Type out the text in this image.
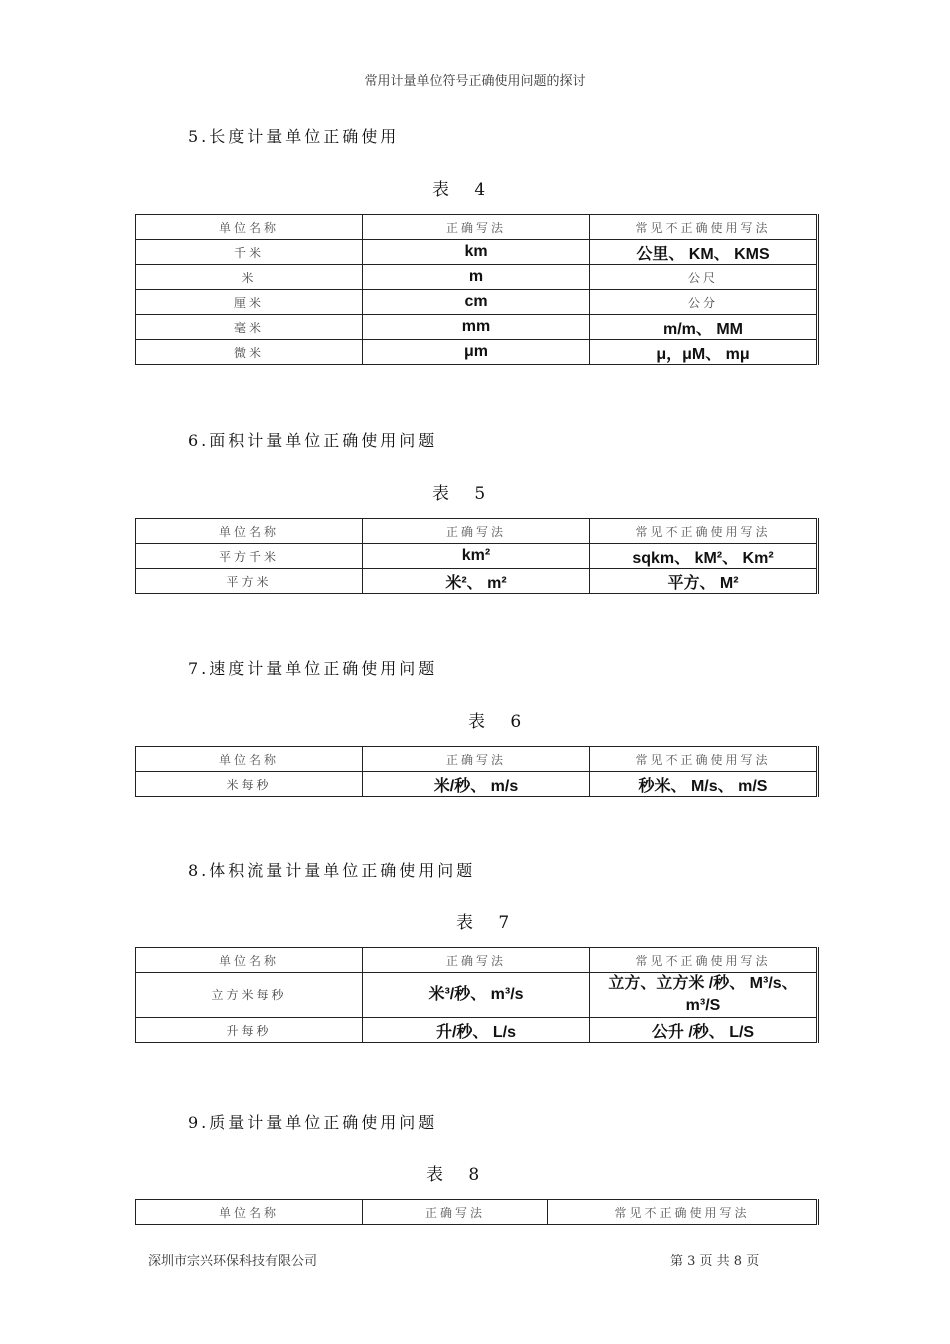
常用计量单位符号正确使用问题的探讨
5.长度计量单位正确使用
表 4
单位名称	正确写法	常见不正确使用写法
千米	km	公里、 KM、 KMS
米	m	公尺
厘米	cm	公分
毫米	mm	m/m、 MM
微米	μm	μ，μM、 mμ
6.面积计量单位正确使用问题
表 5
单位名称	正确写法	常见不正确使用写法
平方千米	km²	sqkm、 kM²、 Km²
平方米	米²、 m²	平方、 M²
7.速度计量单位正确使用问题
表 6
单位名称	正确写法	常见不正确使用写法
米每秒	米/秒、 m/s	秒米、 M/s、 m/S
8.体积流量计量单位正确使用问题
表 7
单位名称	正确写法	常见不正确使用写法
立方米每秒	米³/秒、 m³/s	立方、立方米 /秒、 M³/s、 m³/S
升每秒	升/秒、 L/s	公升 /秒、 L/S
9.质量计量单位正确使用问题
表 8
单位名称	正确写法	常见不正确使用写法
深圳市宗兴环保科技有限公司	第 3 页 共 8 页
